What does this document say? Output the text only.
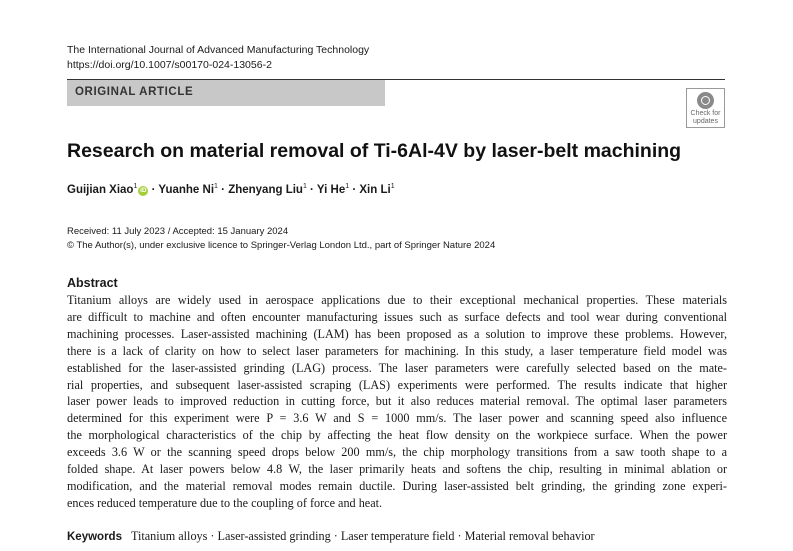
The International Journal of Advanced Manufacturing Technology
https://doi.org/10.1007/s00170-024-13056-2
ORIGINAL ARTICLE
Check for updates
Research on material removal of Ti-6Al-4V by laser-belt machining
Guijian Xiao$^1$iD · Yuanhe $Ni^1$ · Zhenyang Liu$^1$ · Yi $He^1$ · Xin Li$^1$
Received: 11 July 2023 / Accepted: 15 January 2024
© The Author(s), under exclusive licence to Springer-Verlag London Ltd., part of Springer Nature 2024
Abstract
Titanium alloys are widely used in aerospace applications due to their exceptional mechanical properties. These materials
are difficult to machine and often encounter manufacturing issues such as surface defects and tool wear during conventional
machining processes. Laser-assisted machining (LAM) has been proposed as a solution to improve these problems. However,
there is a lack of clarity on how to select laser parameters for machining. In this study, a laser temperature field model was
established for the laser-assisted grinding (LAG) process. The laser parameters were carefully selected based on the mate-
rial properties, and subsequent laser-assisted scraping (LAS) experiments were performed. The results indicate that higher
laser power leads to improved reduction in cutting force, but it also reduces material removal. The optimal laser parameters
determined for this experiment were P = 3.6 W and S = 1000 mm/s. The laser power and scanning speed also influence
the morphological characteristics of the chip by affecting the heat flow density on the workpiece surface. When the power
exceeds 3.6 W or the scanning speed drops below 200 mm/s, the chip morphology transitions from a saw tooth shape to a
folded shape. At laser powers below 4.8 W, the laser primarily heats and softens the chip, resulting in minimal ablation or
modification, and the material removal modes remain ductile. During laser-assisted belt grinding, the grinding zone experi-
ences reduced temperature due to the coupling of force and heat.
Keywords Titanium alloys · Laser-assisted grinding · Laser temperature field · Material removal behavior
